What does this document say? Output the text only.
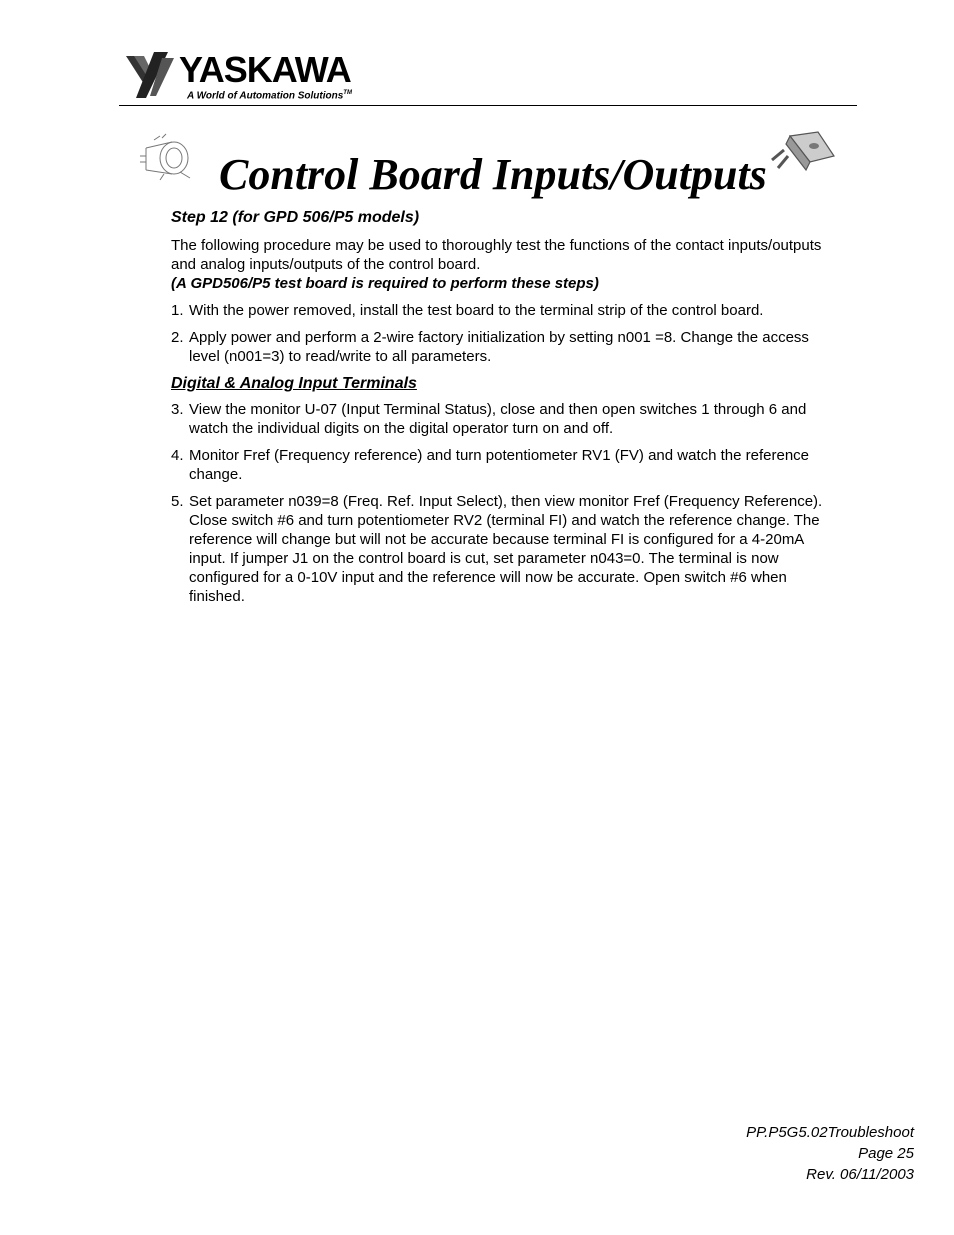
YASKAWA
A World of Automation Solutions™
Control Board Inputs/Outputs

Step 12 (for GPD 506/P5 models)

The following procedure may be used to thoroughly test the functions of the contact inputs/outputs and analog inputs/outputs of the control board.

(A GPD506/P5 test board is required to perform these steps)

1. With the power removed, install the test board to the terminal strip of the control board.
2. Apply power and perform a 2-wire factory initialization by setting n001 =8. Change the access level (n001=3) to read/write to all parameters.

Digital & Analog Input Terminals

3. View the monitor U-07 (Input Terminal Status), close and then open switches 1 through 6 and watch the individual digits on the digital operator turn on and off.
4. Monitor Fref (Frequency reference) and turn potentiometer RV1 (FV) and watch the reference change.
5. Set parameter n039=8 (Freq. Ref. Input Select), then view monitor Fref (Frequency Reference). Close switch #6 and turn potentiometer RV2 (terminal FI) and watch the reference change. The reference will change but will not be accurate because terminal FI is configured for a 4-20mA input. If jumper J1 on the control board is cut, set parameter n043=0. The terminal is now configured for a 0-10V input and the reference will now be accurate. Open switch #6 when finished.
PP.P5G5.02Troubleshoot
Page 25
Rev. 06/11/2003
